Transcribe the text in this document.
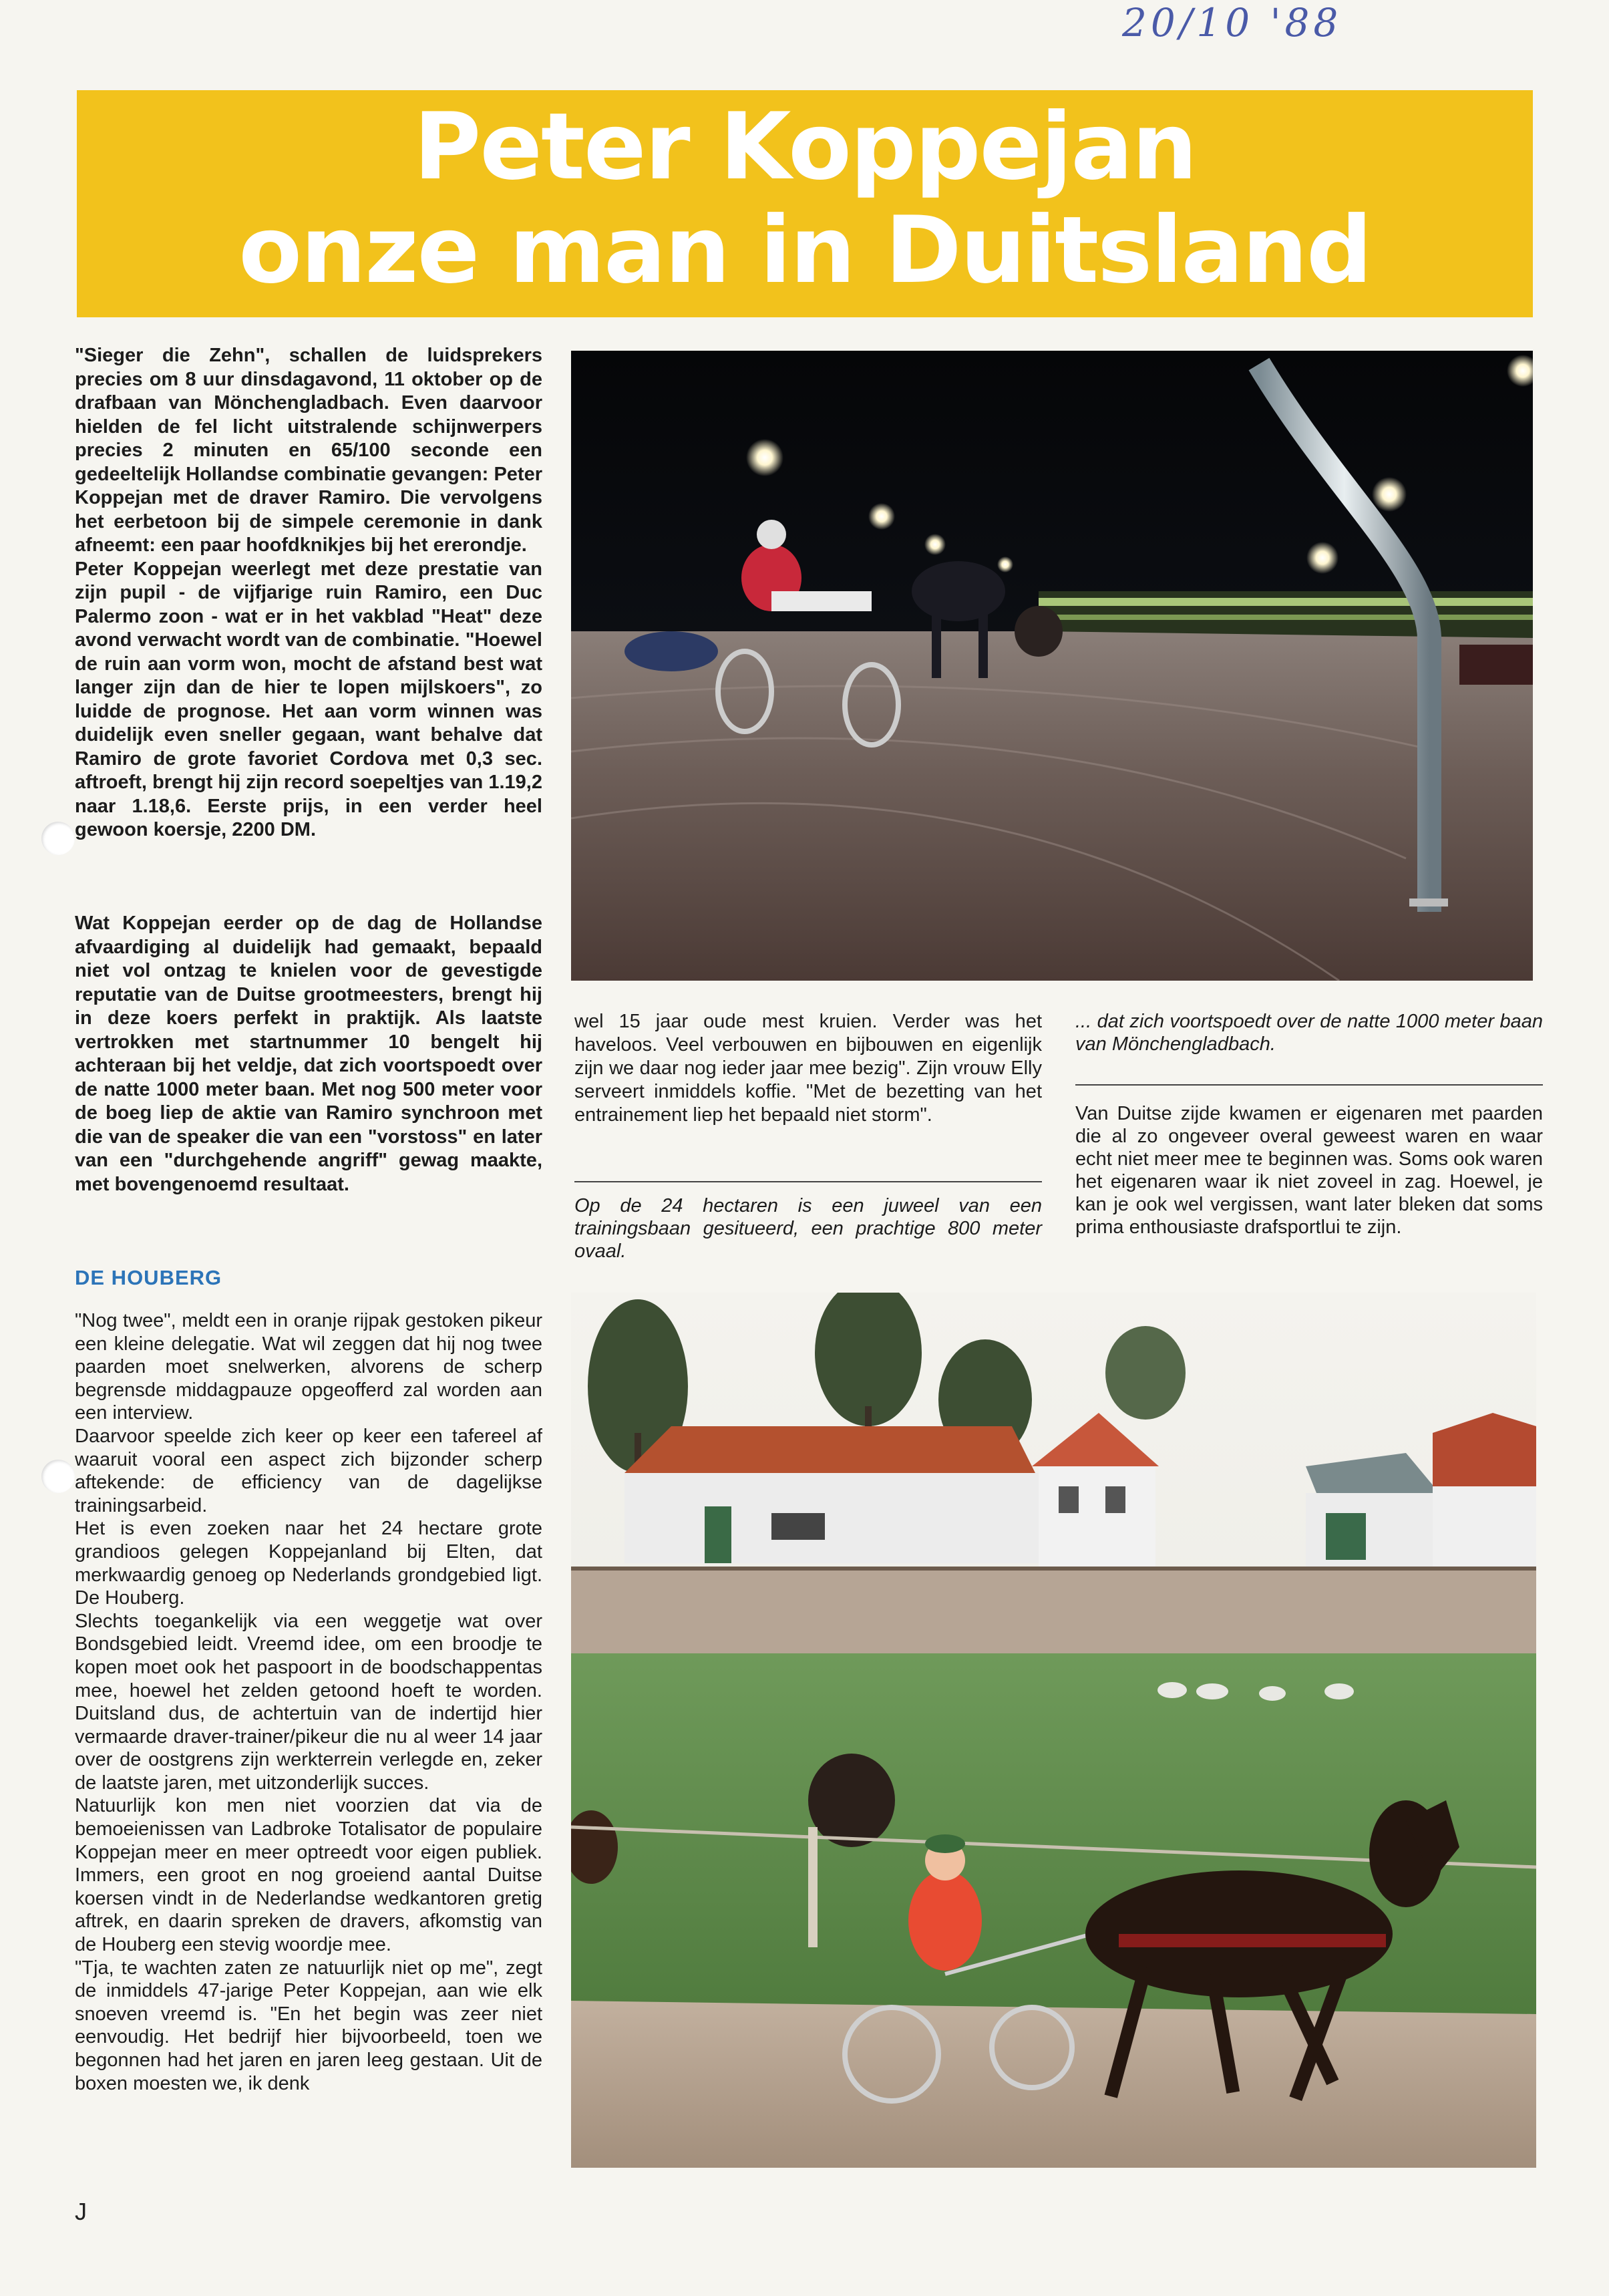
20/10 '88
Peter Koppejan
onze man in Duitsland

"Sieger die Zehn", schallen de luidsprekers precies om 8 uur dinsdagavond, 11 oktober op de drafbaan van Mönchengladbach. Even daarvoor hielden de fel licht uitstralende schijnwerpers precies 2 minuten en 65/100 seconde een gedeeltelijk Hollandse combinatie gevangen: Peter Koppejan met de draver Ramiro. Die vervolgens het eerbetoon bij de simpele ceremonie in dank afneemt: een paar hoofdknikjes bij het ererondje.

Peter Koppejan weerlegt met deze prestatie van zijn pupil - de vijfjarige ruin Ramiro, een Duc Palermo zoon - wat er in het vakblad "Heat" deze avond verwacht wordt van de combinatie. "Hoewel de ruin aan vorm won, mocht de afstand best wat langer zijn dan de hier te lopen mijlskoers", zo luidde de prognose. Het aan vorm winnen was duidelijk even sneller gegaan, want behalve dat Ramiro de grote favoriet Cordova met 0,3 sec. aftroeft, brengt hij zijn record soepeltjes van 1.19,2 naar 1.18,6. Eerste prijs, in een verder heel gewoon koersje, 2200 DM.

Wat Koppejan eerder op de dag de Hollandse afvaardiging al duidelijk had gemaakt, bepaald niet vol ontzag te knielen voor de gevestigde reputatie van de Duitse grootmeesters, brengt hij in deze koers perfekt in praktijk. Als laatste vertrokken met startnummer 10 bengelt hij achteraan bij het veldje, dat zich voortspoedt over de natte 1000 meter baan. Met nog 500 meter voor de boeg liep de aktie van Ramiro synchroon met die van de speaker die van een "vorstoss" en later van een "durchgehende angriff" gewag maakte, met bovengenoemd resultaat.
DE HOUBERG

"Nog twee", meldt een in oranje rijpak gestoken pikeur een kleine delegatie. Wat wil zeggen dat hij nog twee paarden moet snelwerken, alvorens de scherp begrensde middagpauze opgeofferd zal worden aan een interview.

Daarvoor speelde zich keer op keer een tafereel af waaruit vooral een aspect zich bijzonder scherp aftekende: de efficiency van de dagelijkse trainingsarbeid.

Het is even zoeken naar het 24 hectare grote grandioos gelegen Koppejanland bij Elten, dat merkwaardig genoeg op Nederlands grondgebied ligt. De Houberg.

Slechts toegankelijk via een weggetje wat over Bondsgebied leidt. Vreemd idee, om een broodje te kopen moet ook het paspoort in de boodschappentas mee, hoewel het zelden getoond hoeft te worden. Duitsland dus, de achtertuin van de indertijd hier vermaarde draver-trainer/pikeur die nu al weer 14 jaar over de oostgrens zijn werkterrein verlegde en, zeker de laatste jaren, met uitzonderlijk succes.

Natuurlijk kon men niet voorzien dat via de bemoeienissen van Ladbroke Totalisator de populaire Koppejan meer en meer optreedt voor eigen publiek. Immers, een groot en nog groeiend aantal Duitse koersen vindt in de Nederlandse wedkantoren gretig aftrek, en daarin spreken de dravers, afkomstig van de Houberg een stevig woordje mee.

"Tja, te wachten zaten ze natuurlijk niet op me", zegt de inmiddels 47-jarige Peter Koppejan, aan wie elk snoeven vreemd is. "En het begin was zeer niet eenvoudig. Het bedrijf hier bijvoorbeeld, toen we begonnen had het jaren en jaren leeg gestaan. Uit de boxen moesten we, ik denk

wel 15 jaar oude mest kruien. Verder was het haveloos. Veel verbouwen en bijbouwen en eigenlijk zijn we daar nog ieder jaar mee bezig". Zijn vrouw Elly serveert inmiddels koffie. "Met de bezetting van het entrainement liep het bepaald niet storm".
Op de 24 hectaren is een juweel van een trainingsbaan gesitueerd, een prachtige 800 meter ovaal.
... dat zich voortspoedt over de natte 1000 meter baan van Mönchengladbach.
Van Duitse zijde kwamen er eigenaren met paarden die al zo ongeveer overal geweest waren en waar echt niet meer mee te beginnen was. Soms ook waren het eigenaren waar ik niet zoveel in zag. Hoewel, je kan je ook wel vergissen, want later bleken dat soms prima enthousiaste drafsportlui te zijn.
J
